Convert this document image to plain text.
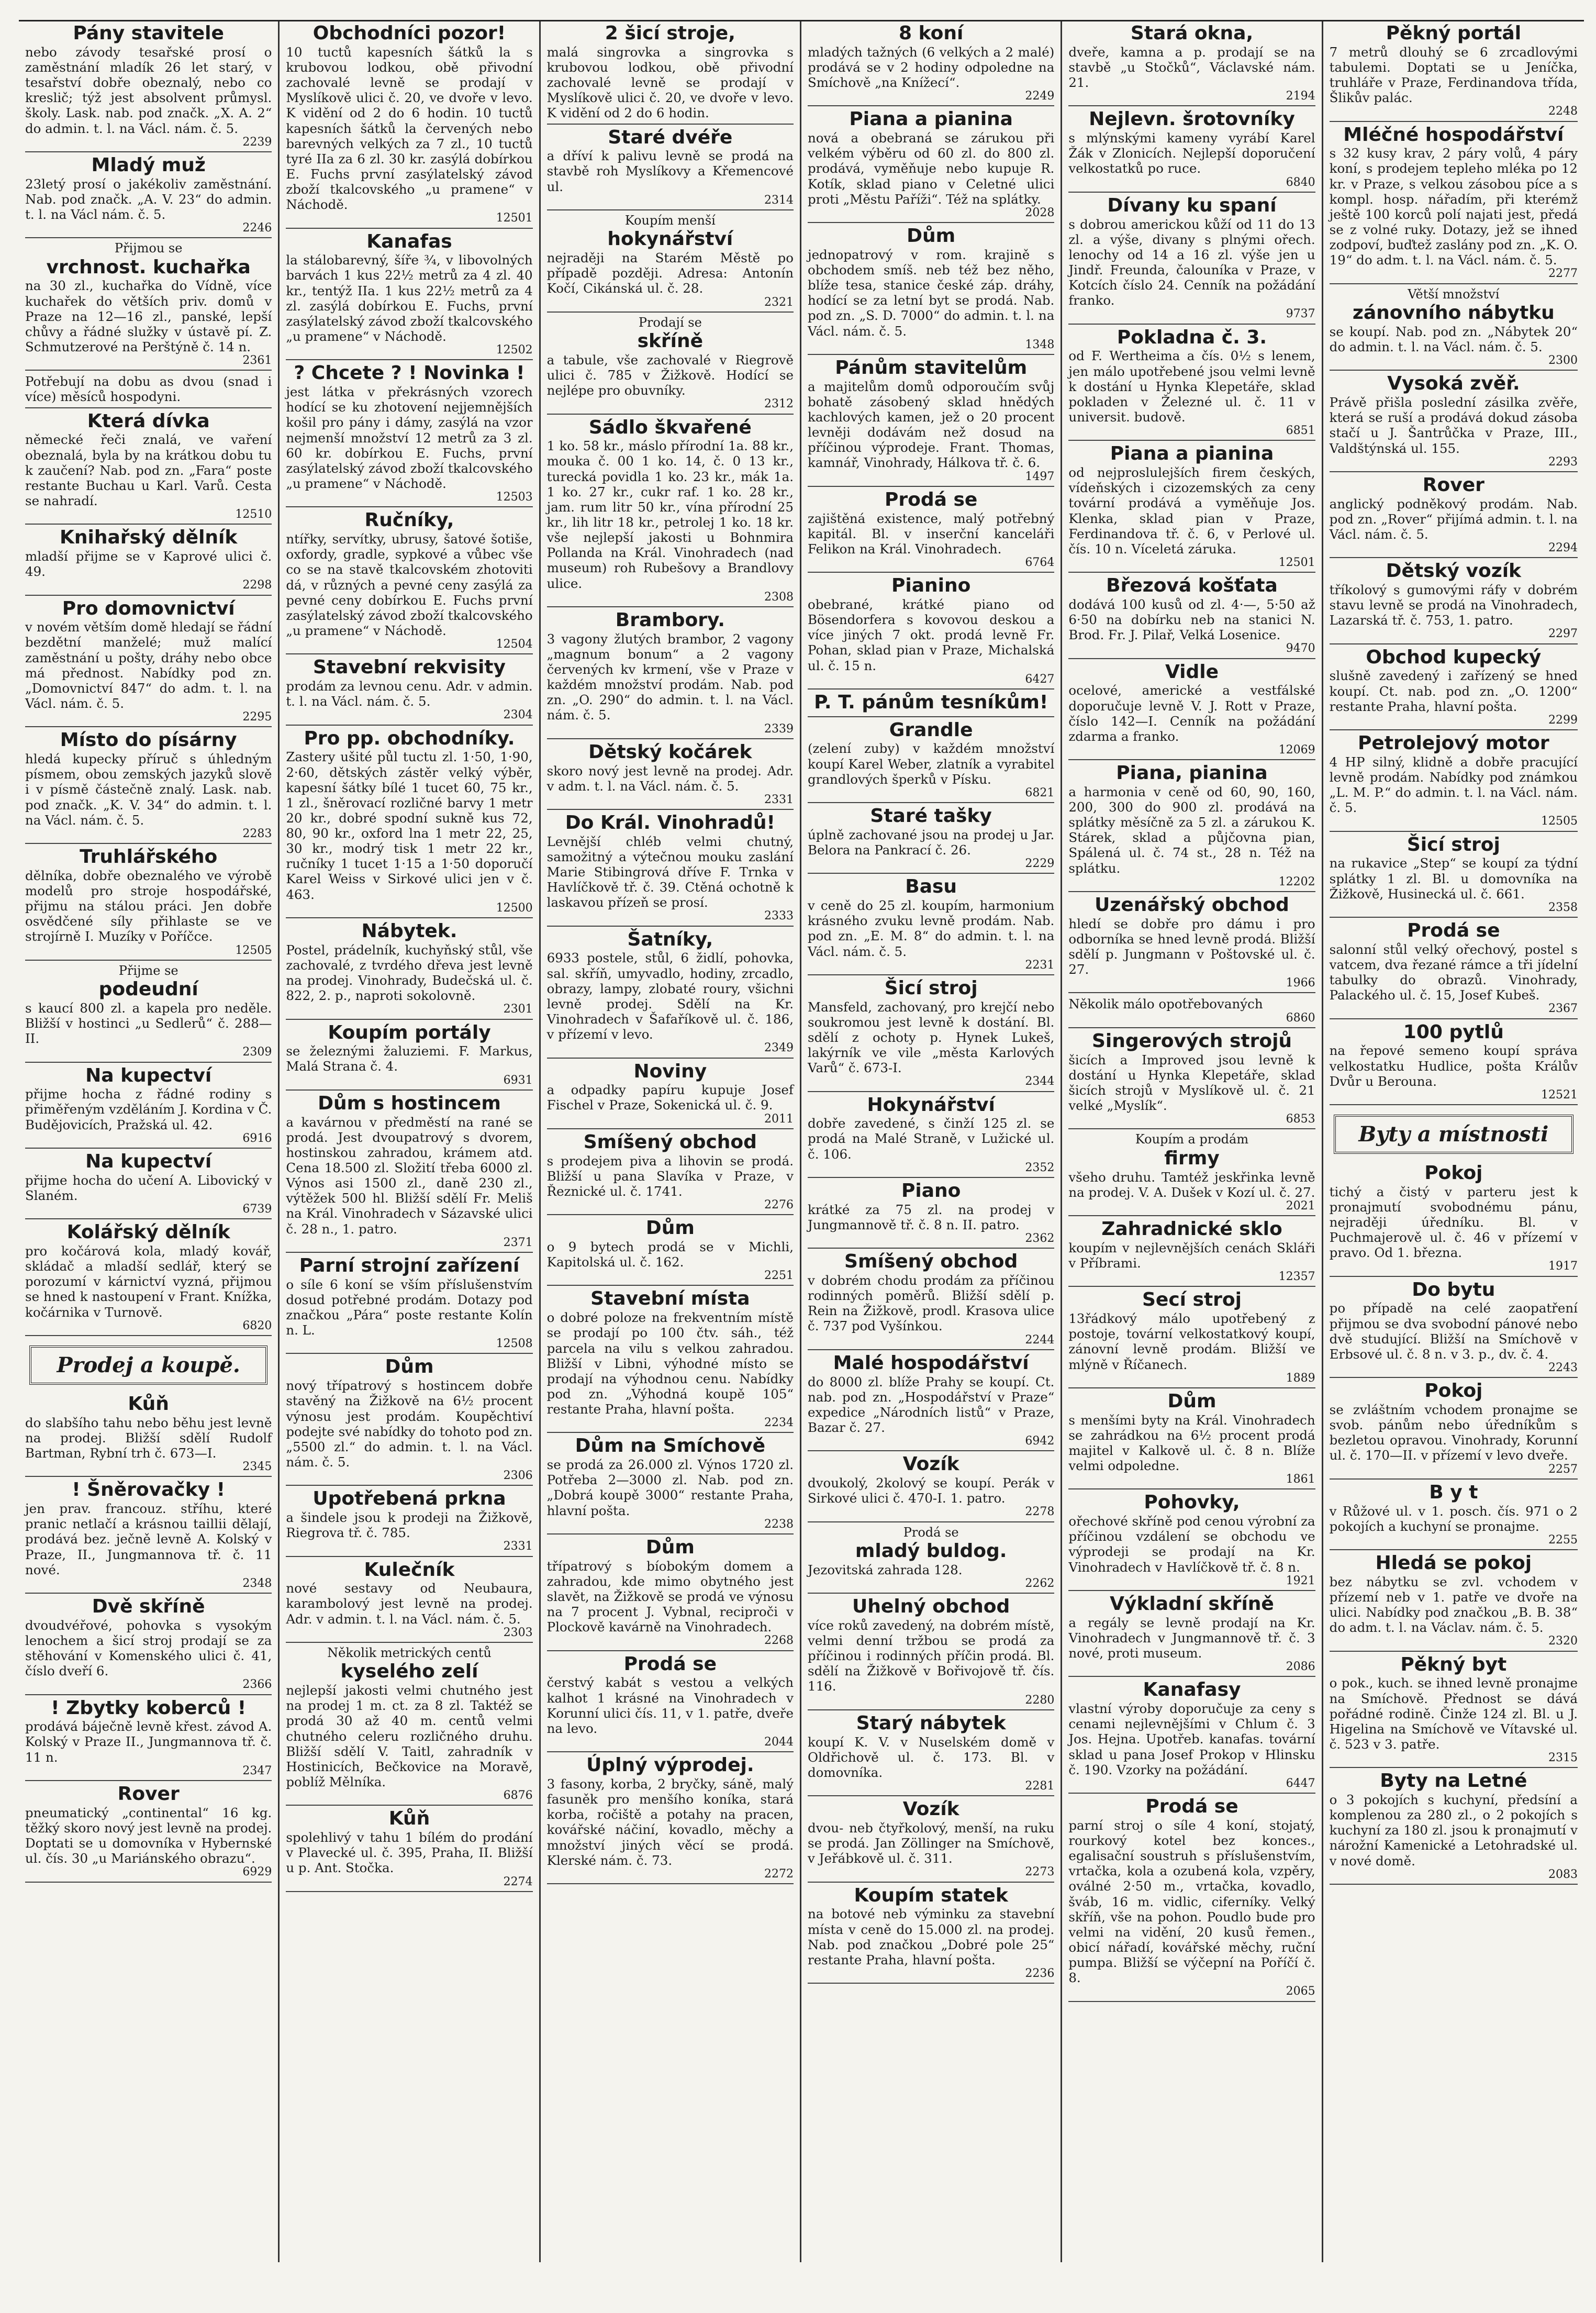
Pány stavitele

nebo závody tesařské prosí o zaměstnání mladík 26 let starý, v tesařství dobře obeznalý, nebo co kreslič; týž jest absolvent průmysl. školy. Lask. nab. pod značk. „X. A. 2“ do admin. t. l. na Václ. nám. č. 5.

2239
Mladý muž

23letý prosí o jakékoliv zaměstnání. Nab. pod značk. „A. V. 23“ do admin. t. l. na Václ nám. č. 5.

2246
Přijmou se
vrchnost. kuchařka

na 30 zl., kuchařka do Vídně, více kuchařek do větších priv. domů v Praze na 12—16 zl., panské, lepší chůvy a řádné služky v ústavě pí. Z. Schmutzerové na Perštýně č. 14 n.

2361

Potřebují na dobu as dvou (snad i více) měsíců hospodyni.

Která dívka

německé řeči znalá, ve vaření obeznalá, byla by na krátkou dobu tu k zaučení? Nab. pod zn. „Fara“ poste restante Buchau u Karl. Varů. Cesta se nahradí.

12510
Knihařský dělník

mladší přijme se v Kaprové ulici č. 49.

2298
Pro domovnictví

v novém větším domě hledají se řádní bezdětní manželé; muž malící zaměstnání u pošty, dráhy nebo obce má přednost. Nabídky pod zn. „Domovnictví 847“ do adm. t. l. na Václ. nám. č. 5.

2295
Místo do písárny

hledá kupecky příruč s úhledným písmem, obou zemských jazyků slově i v písmě částečně znalý. Lask. nab. pod značk. „K. V. 34“ do admin. t. l. na Václ. nám. č. 5.

2283
Truhlářského

dělníka, dobře obeznalého ve výrobě modelů pro stroje hospodářské, přijmu na stálou práci. Jen dobře osvědčené síly přihlaste se ve strojírně I. Muzíky v Poříčce.

12505
Přijme se
podeudní

s kaucí 800 zl. a kapela pro neděle. Bližší v hostinci „u Sedlerů“ č. 288—II.

2309
Na kupectví

přijme hocha z řádné rodiny s přiměřeným vzděláním J. Kordina v Č. Budějovicích, Pražská ul. 42.

6916
Na kupectví

přijme hocha do učení A. Libovický v Slaném.

6739
Kolářský dělník

pro kočárová kola, mladý kovář, skládač a mladší sedlář, který se porozumí v kárnictví vyzná, přijmou se hned k nastoupení v Frant. Knížka, kočárnika v Turnově.

6820
Prodej a koupě.
Kůň

do slabšího tahu nebo běhu jest levně na prodej. Bližší sdělí Rudolf Bartman, Rybní trh č. 673—I.

2345
! Šněrovačky !

jen prav. francouz. stříhu, které pranic netlačí a krásnou taillii dělají, prodává bez. ječně levně A. Kolský v Praze, II., Jungmannova tř. č. 11 nové.

2348
Dvě skříně

dvoudvéřové, pohovka s vysokým lenochem a šicí stroj prodají se za stěhování v Komenského ulici č. 41, číslo dveří 6.

2366
! Zbytky koberců !

prodává báječně levně křest. závod A. Kolský v Praze II., Jungmannova tř. č. 11 n.

2347
Rover

pneumatický „continental“ 16 kg. těžký skoro nový jest levně na prodej. Doptati se u domovníka v Hybernské ul. čís. 30 „u Mariánského obrazu“.

6929
Obchodníci pozor!

10 tuctů kapesních šátků la s krubovou lodkou, obě přivodní zachovalé levně se prodají v Myslíkově ulici č. 20, ve dvoře v levo. K vidění od 2 do 6 hodin. 10 tuctů kapesních šátků la červených nebo barevných velkých za 7 zl., 10 tuctů tyré IIa za 6 zl. 30 kr. zasýlá dobírkou E. Fuchs první zasýlatelský závod zboží tkalcovského „u pramene“ v Náchodě.

12501
Kanafas

la stálobarevný, šíře ¾, v libovolných barvách 1 kus 22½ metrů za 4 zl. 40 kr., tentýž IIa. 1 kus 22½ metrů za 4 zl. zasýlá dobírkou E. Fuchs, první zasýlatelský závod zboží tkalcovského „u pramene“ v Náchodě.

12502
? Chcete ? ! Novinka !

jest látka v překrásných vzorech hodící se ku zhotovení nejjemnějších košil pro pány i dámy, zasýlá na vzor nejmenší množství 12 metrů za 3 zl. 60 kr. dobírkou E. Fuchs, první zasýlatelský závod zboží tkalcovského „u pramene“ v Náchodě.

12503
Ručníky,

ntířky, servítky, ubrusy, šatové šotiše, oxfordy, gradle, sypkové a vůbec vše co se na stavě tkalcovském zhotoviti dá, v různých a pevné ceny zasýlá za pevné ceny dobírkou E. Fuchs první zasýlatelský závod zboží tkalcovského „u pramene“ v Náchodě.

12504
Stavební rekvisity

prodám za levnou cenu. Adr. v admin. t. l. na Václ. nám. č. 5.

2304
Pro pp. obchodníky.

Zastery ušité půl tuctu zl. 1·50, 1·90, 2·60, dětských zástěr velký výběr, kapesní šátky bílé 1 tucet 60, 75 kr., 1 zl., šněrovací rozličné barvy 1 metr 20 kr., dobré spodní sukně kus 72, 80, 90 kr., oxford lna 1 metr 22, 25, 30 kr., modrý tisk 1 metr 22 kr., ručníky 1 tucet 1·15 a 1·50 doporučí Karel Weiss v Sirkové ulici jen v č. 463.

12500
Nábytek.

Postel, prádelník, kuchyňský stůl, vše zachovalé, z tvrdého dřeva jest levně na prodej. Vinohrady, Budečská ul. č. 822, 2. p., naproti sokolovně.

2301
Koupím portály

se železnými žaluziemi. F. Markus, Malá Strana č. 4.

6931
Dům s hostincem

a kavárnou v předměstí na rané se prodá. Jest dvoupatrový s dvorem, hostinskou zahradou, krámem atd. Cena 18.500 zl. Složití třeba 6000 zl. Výnos asi 1500 zl., daně 230 zl., výtěžek 500 hl. Bližší sdělí Fr. Meliš na Král. Vinohradech v Sázavské ulici č. 28 n., 1. patro.

2371
Parní strojní zařízení

o síle 6 koní se vším příslušenstvím dosud potřebné prodám. Dotazy pod značkou „Pára“ poste restante Kolín n. L.

12508
Dům

nový třípatrový s hostincem dobře stavěný na Žižkově na 6½ procent výnosu jest prodám. Koupěchtiví podejte své nabídky do tohoto pod zn. „5500 zl.“ do admin. t. l. na Václ. nám. č. 5.

2306
Upotřebená prkna

a šindele jsou k prodeji na Žižkově, Riegrova tř. č. 785.

2331
Kulečník

nové sestavy od Neubaura, karambolový jest levně na prodej. Adr. v admin. t. l. na Václ. nám. č. 5.

2303
Několik metrických centů
kyselého zelí

nejlepší jakosti velmi chutného jest na prodej 1 m. ct. za 8 zl. Taktéž se prodá 30 až 40 m. centů velmi chutného celeru rozličného druhu. Bližší sdělí V. Taitl, zahradník v Hostinicích, Bečkovice na Moravě, poblíž Mělníka.

6876
Kůň

spolehlivý v tahu 1 bílém do prodání v Plavecké ul. č. 395, Praha, II. Bližší u p. Ant. Stočka.

2274
2 šicí stroje,

malá singrovka a singrovka s krubovou lodkou, obě přivodní zachovalé levně se prodají v Myslíkově ulici č. 20, ve dvoře v levo. K vidění od 2 do 6 hodin.

Staré dvéře

a dříví k palivu levně se prodá na stavbě roh Myslíkovy a Křemencové ul.

2314
Koupím menší
hokynářství

nejraději na Starém Městě po případě později. Adresa: Antonín Kočí, Cikánská ul. č. 28.

2321
Prodají se
skříně

a tabule, vše zachovalé v Riegrově ulici č. 785 v Žižkově. Hodící se nejlépe pro obuvníky.

2312
Sádlo škvařené

1 ko. 58 kr., máslo přírodní 1a. 88 kr., mouka č. 00 1 ko. 14, č. 0 13 kr., turecká povidla 1 ko. 23 kr., mák 1a. 1 ko. 27 kr., cukr raf. 1 ko. 28 kr., jam. rum litr 50 kr., vína přírodní 25 kr., lih litr 18 kr., petrolej 1 ko. 18 kr. vše nejlepší jakosti u Bohnmira Pollanda na Král. Vinohradech (nad museum) roh Rubešovy a Brandlovy ulice.

2308
Brambory.

3 vagony žlutých brambor, 2 vagony „magnum bonum“ a 2 vagony červených kv krmení, vše v Praze v každém množství prodám. Nab. pod zn. „O. 290“ do admin. t. l. na Václ. nám. č. 5.

2339
Dětský kočárek

skoro nový jest levně na prodej. Adr. v adm. t. l. na Václ. nám. č. 5.

2331
Do Král. Vinohradů!

Levnější chléb velmi chutný, samožitný a výtečnou mouku zaslání Marie Stibingrová dříve F. Trnka v Havlíčkově tř. č. 39. Ctěná ochotně k laskavou přízeň se prosí.

2333
Šatníky,

6933 postele, stůl, 6 židlí, pohovka, sal. skříň, umyvadlo, hodiny, zrcadlo, obrazy, lampy, zlobaté roury, všichni levně prodej. Sdělí na Kr. Vinohradech v Šafaříkově ul. č. 186, v přízemí v levo.

2349
Noviny

a odpadky papíru kupuje Josef Fischel v Praze, Sokenická ul. č. 9.

2011
Smíšený obchod

s prodejem piva a lihovin se prodá. Bližší u pana Slavíka v Praze, v Řeznické ul. č. 1741.

2276
Dům

o 9 bytech prodá se v Michli, Kapitolská ul. č. 162.

2251
Stavební místa

o dobré poloze na frekventním místě se prodají po 100 čtv. sáh., též parcela na vilu s velkou zahradou. Bližší v Libni, výhodné místo se prodají na výhodnou cenu. Nabídky pod zn. „Výhodná koupě 105“ restante Praha, hlavní pošta.

2234
Dům na Smíchově

se prodá za 26.000 zl. Výnos 1720 zl. Potřeba 2—3000 zl. Nab. pod zn. „Dobrá koupě 3000“ restante Praha, hlavní pošta.

2238
Dům

třípatrový s bíobokým domem a zahradou, kde mimo obytného jest slavět, na Žižkově se prodá ve výnosu na 7 procent J. Vybnal, reciproči v Plockově kavárně na Vinohradech.

2268
Prodá se

čerstvý kabát s vestou a velkých kalhot 1 krásné na Vinohradech v Korunní ulici čís. 11, v 1. patře, dveře na levo.

2044
Úplný výprodej.

3 fasony, korba, 2 bryčky, sáně, malý fasuněk pro menšího koníka, stará korba, ročiště a potahy na pracen, kovářské náčiní, kovadlo, měchy a množství jiných věcí se prodá. Klerské nám. č. 73.

2272
8 koní

mladých tažných (6 velkých a 2 malé) prodává se v 2 hodiny odpoledne na Smíchově „na Knížecí“.

2249
Piana a pianina

nová a obebraná se zárukou při velkém výběru od 60 zl. do 800 zl. prodává, vyměňuje nebo kupuje R. Kotík, sklad piano v Celetné ulici proti „Městu Paříži“. Též na splátky.

2028
Dům

jednopatrový v rom. krajině s obchodem smíš. neb též bez něho, blíže tesa, stanice české záp. dráhy, hodící se za letní byt se prodá. Nab. pod zn. „S. D. 7000“ do admin. t. l. na Václ. nám. č. 5.

1348
Pánům stavitelům

a majitelům domů odporoučím svůj bohatě zásobený sklad hnědých kachlových kamen, jež o 20 procent levněji dodávám než dosud na příčinou výprodeje. Frant. Thomas, kamnář, Vinohrady, Hálkova tř. č. 6.

1497
Prodá se

zajištěná existence, malý potřebný kapitál. Bl. v inserční kanceláři Felikon na Král. Vinohradech.

6764
Pianino

obebrané, krátké piano od Bösendorfera s kovovou deskou a více jiných 7 okt. prodá levně Fr. Pohan, sklad pian v Praze, Michalská ul. č. 15 n.

6427
P. T. pánům tesníkům!
Grandle

(zelení zuby) v každém množství koupí Karel Weber, zlatník a vyrabitel grandlových šperků v Písku.

6821
Staré tašky

úplně zachované jsou na prodej u Jar. Belora na Pankrací č. 26.

2229
Basu

v ceně do 25 zl. koupím, harmonium krásného zvuku levně prodám. Nab. pod zn. „E. M. 8“ do admin. t. l. na Václ. nám. č. 5.

2231
Šicí stroj

Mansfeld, zachovaný, pro krejčí nebo soukromou jest levně k dostání. Bl. sdělí z ochoty p. Hynek Lukeš, lakýrník ve vile „města Karlových Varů“ č. 673-I.

2344
Hokynářství

dobře zavedené, s činží 125 zl. se prodá na Malé Straně, v Lužické ul. č. 106.

2352
Piano

krátké za 75 zl. na prodej v Jungmannově tř. č. 8 n. II. patro.

2362
Smíšený obchod

v dobrém chodu prodám za příčinou rodinných poměrů. Bližší sdělí p. Rein na Žižkově, prodl. Krasova ulice č. 737 pod Vyšínkou.

2244
Malé hospodářství

do 8000 zl. blíže Prahy se koupí. Ct. nab. pod zn. „Hospodářství v Praze“ expedice „Národních listů“ v Praze, Bazar č. 27.

6942
Vozík

dvoukolý, 2kolový se koupí. Perák v Sirkové ulici č. 470-I. 1. patro.

2278
Prodá se
mladý buldog.

Jezovitská zahrada 128.

2262
Uhelný obchod

více roků zavedený, na dobrém místě, velmi denní tržbou se prodá za příčinou i rodinných příčin prodá. Bl. sdělí na Žižkově v Bořivojově tř. čís. 116.

2280
Starý nábytek

koupí K. V. v Nuselském domě v Oldřichově ul. č. 173. Bl. v domovníka.

2281
Vozík

dvou- neb čtyřkolový, menší, na ruku se prodá. Jan Zöllinger na Smíchově, v Jeřábkově ul. č. 311.

2273
Koupím statek

na botové neb výminku za stavební místa v ceně do 15.000 zl. na prodej. Nab. pod značkou „Dobré pole 25“ restante Praha, hlavní pošta.

2236
Stará okna,

dveře, kamna a p. prodají se na stavbě „u Stočků“, Václavské nám. 21.

2194
Nejlevn. šrotovníky

s mlýnskými kameny vyrábí Karel Žák v Zlonicích. Nejlepší doporučení velkostatků po ruce.

6840
Dívany ku spaní

s dobrou americkou kůží od 11 do 13 zl. a výše, divany s plnými ořech. lenochy od 14 a 16 zl. výše jen u Jindř. Freunda, čalouníka v Praze, v Kotcích číslo 24. Cenník na požádání franko.

9737
Pokladna č. 3.

od F. Wertheima a čís. 0½ s lenem, jen málo upotřebené jsou velmi levně k dostání u Hynka Klepetáře, sklad pokladen v Železné ul. č. 11 v universit. budově.

6851
Piana a pianina

od nejproslulejších firem českých, vídeňských i cizozemských za ceny tovární prodává a vyměňuje Jos. Klenka, sklad pian v Praze, Ferdinandova tř. č. 6, v Perlové ul. čís. 10 n. Víceletá záruka.

12501
Březová košťata

dodává 100 kusů od zl. 4·—, 5·50 až 6·50 na dobírku neb na stanici N. Brod. Fr. J. Pilař, Velká Losenice.

9470
Vidle

ocelové, americké a vestfálské doporučuje levně V. J. Rott v Praze, číslo 142—I. Cenník na požádání zdarma a franko.

12069
Piana, pianina

a harmonia v ceně od 60, 90, 160, 200, 300 do 900 zl. prodává na splátky měsíčně za 5 zl. a zárukou K. Stárek, sklad a půjčovna pian, Spálená ul. č. 74 st., 28 n. Též na splátku.

12202
Uzenářský obchod

hledí se dobře pro dámu i pro odborníka se hned levně prodá. Bližší sdělí p. Jungmann v Poštovské ul. č. 27.

1966

Několik málo opotřebovaných

6860
Singerových strojů

šicích a Improved jsou levně k dostání u Hynka Klepetáře, sklad šicích strojů v Myslíkově ul. č. 21 velké „Myslík“.

6853
Koupím a prodám
firmy

všeho druhu. Tamtéž jeskřinka levně na prodej. V. A. Dušek v Kozí ul. č. 27.

2021
Zahradnické sklo

koupím v nejlevnějších cenách Skláři v Příbrami.

12357
Secí stroj

13řádkový málo upotřebený z postoje, tovární velkostatkový koupí, zánovní levně prodám. Bližší ve mlýně v Říčanech.

1889
Dům

s menšími byty na Král. Vinohradech se zahrádkou na 6½ procent prodá majitel v Kalkově ul. č. 8 n. Blíže velmi odpoledne.

1861
Pohovky,

ořechové skříně pod cenou výrobní za příčinou vzdálení se obchodu ve výprodeji se prodají na Kr. Vinohradech v Havlíčkově tř. č. 8 n.

1921
Výkladní skříně

a regály se levně prodají na Kr. Vinohradech v Jungmannově tř. č. 3 nové, proti museum.

2086
Kanafasy

vlastní výroby doporučuje za ceny s cenami nejlevnějšími v Chlum č. 3 Jos. Hejna. Upotřeb. kanafas. tovární sklad u pana Josef Prokop v Hlinsku č. 190. Vzorky na požádání.

6447
Prodá se

parní stroj o síle 4 koní, stojatý, rourkový kotel bez konces., egalisační soustruh s příslušenstvím, vrtačka, kola a ozubená kola, vzpěry, oválné 2·50 m., vrtačka, kovadlo, šváb, 16 m. vidlic, ciferníky. Velký skříň, vše na pohon. Poudlo bude pro velmi na vidění, 20 kusů řemen., obicí nářadí, kovářské měchy, ruční pumpa. Bližší se výčepní na Poříčí č. 8.

2065
Pěkný portál

7 metrů dlouhý se 6 zrcadlovými tabulemi. Doptati se u Jeníčka, truhláře v Praze, Ferdinandova třída, Šlikův palác.

2248
Mléčné hospodářství

s 32 kusy krav, 2 páry volů, 4 páry koní, s prodejem tepleho mléka po 12 kr. v Praze, s velkou zásobou píce a s kompl. hosp. nářadím, při kterémž ještě 100 korců polí najati jest, předá se z volné ruky. Dotazy, jež se ihned zodpoví, buďtež zaslány pod zn. „K. O. 19“ do adm. t. l. na Václ. nám. č. 5.

2277
Větší množství
zánovního nábytku

se koupí. Nab. pod zn. „Nábytek 20“ do admin. t. l. na Václ. nám. č. 5.

2300
Vysoká zvěř.

Právě přišla poslední zásilka zvěře, která se ruší a prodává dokud zásoba stačí u J. Šantrůčka v Praze, III., Valdštýnská ul. 155.

2293
Rover

anglický podněkový prodám. Nab. pod zn. „Rover“ přijímá admin. t. l. na Václ. nám. č. 5.

2294
Dětský vozík

tříkolový s gumovými ráfy v dobrém stavu levně se prodá na Vinohradech, Lazarská tř. č. 753, 1. patro.

2297
Obchod kupecký

slušně zavedený i zařízený se hned koupí. Ct. nab. pod zn. „O. 1200“ restante Praha, hlavní pošta.

2299
Petrolejový motor

4 HP silný, klidně a dobře pracující levně prodám. Nabídky pod známkou „L. M. P.“ do admin. t. l. na Václ. nám. č. 5.

12505
Šicí stroj

na rukavice „Step“ se koupí za týdní splátky 1 zl. Bl. u domovníka na Žižkově, Husinecká ul. č. 661.

2358
Prodá se

salonní stůl velký ořechový, postel s vatcem, dva řezané rámce a tři jídelní tabulky do obrazů. Vinohrady, Palackého ul. č. 15, Josef Kubeš.

2367
100 pytlů

na řepové semeno koupí správa velkostatku Hudlice, pošta Králův Dvůr u Berouna.

12521
Byty a místnosti
Pokoj

tichý a čistý v parteru jest k pronajmutí svobodnému pánu, nejraději úředníku. Bl. v Puchmajerově ul. č. 46 v přízemí v pravo. Od 1. března.

1917
Do bytu

po případě na celé zaopatření přijmou se dva svobodní pánové nebo dvě studující. Bližší na Smíchově v Erbsové ul. č. 8 n. v 3. p., dv. č. 4.

2243
Pokoj

se zvláštním vchodem pronajme se svob. pánům nebo úředníkům s bezletou opravou. Vinohrady, Korunní ul. č. 170—II. v přízemí v levo dveře.

2257
B y t

v Růžové ul. v 1. posch. čís. 971 o 2 pokojích a kuchyní se pronajme.

2255
Hledá se pokoj

bez nábytku se zvl. vchodem v přízemí neb v 1. patře ve dvoře na ulici. Nabídky pod značkou „B. B. 38“ do adm. t. l. na Václav. nám. č. 5.

2320
Pěkný byt

o pok., kuch. se ihned levně pronajme na Smíchově. Přednost se dává pořádné rodině. Činže 124 zl. Bl. u J. Higelina na Smíchově ve Vítavské ul. č. 523 v 3. patře.

2315
Byty na Letné

o 3 pokojích s kuchyní, předsíní a komplenou za 280 zl., o 2 pokojích s kuchyní za 180 zl. jsou k pronajmutí v nárožní Kamenické a Letohradské ul. v nové domě.

2083
